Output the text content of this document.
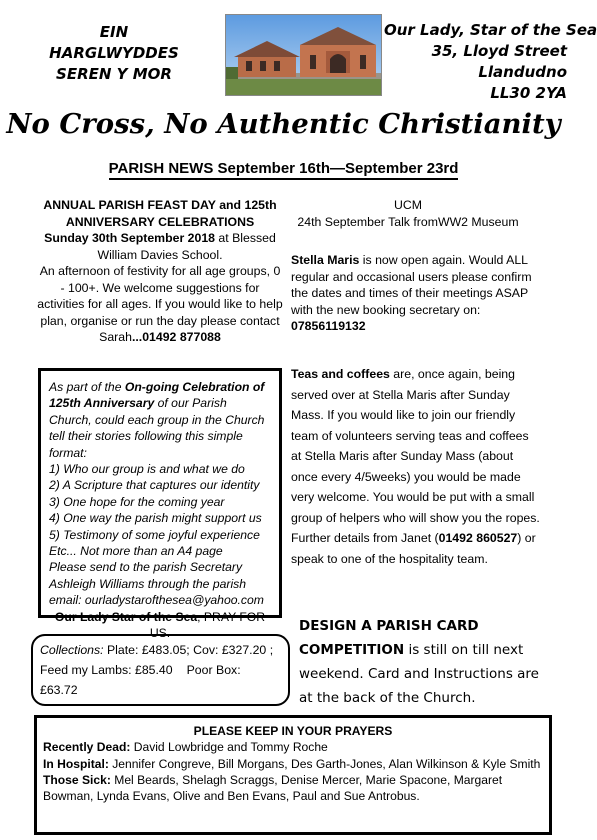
EIN HARGLWYDDES
SEREN Y MOR
Our Lady, Star of the Sea
35, Lloyd Street
Llandudno
LL30 2YA
No Cross, No Authentic Christianity
PARISH NEWS September 16th—September 23rd
ANNUAL PARISH FEAST DAY and 125th
ANNIVERSARY CELEBRATIONS
Sunday 30th September 2018 at Blessed William Davies School.
An afternoon of festivity for all age groups, 0 - 100+. We welcome suggestions for activities for all ages. If you would like to help plan, organise or run the day please contact Sarah...01492 877088
UCM
24th September Talk fromWW2 Museum
Stella Maris is now open again. Would ALL regular and occasional users please confirm the dates and times of their meetings ASAP with the new booking secretary on: 07856119132
Teas and coffees are, once again, being served over at Stella Maris after Sunday Mass. If you would like to join our friendly team of volunteers serving teas and coffees at Stella Maris after Sunday Mass (about once every 4/5weeks) you would be made very welcome. You would be put with a small group of helpers who will show you the ropes.
Further details from Janet (01492 860527) or speak to one of the hospitality team.
As part of the On-going Celebration of 125th Anniversary of our Parish Church, could each group in the Church tell their stories following this simple format:
1) Who our group is and what we do
2) A Scripture that captures our identity
3) One hope for the coming year
4) One way the parish might support us
5) Testimony of some joyful experience
Etc... Not more than an A4 page
Please send to the parish Secretary Ashleigh Williams through the parish email: ourladystarofthesea@yahoo.com
Our Lady Star of the Sea, PRAY FOR US.	DESIGN A PARISH CARD COMPETITION is still on till next weekend. Card and Instructions are at the back of the Church.
Collections: Plate: £483.05; Cov: £327.20 ;
Feed my Lambs: £85.40 Poor Box: £63.72
PLEASE KEEP IN YOUR PRAYERS
Recently Dead: David Lowbridge and Tommy Roche
In Hospital: Jennifer Congreve, Bill Morgans, Des Garth-Jones, Alan Wilkinson & Kyle Smith
Those Sick: Mel Beards, Shelagh Scraggs, Denise Mercer, Marie Spacone, Margaret Bowman, Lynda Evans, Olive and Ben Evans, Paul and Sue Antrobus.
